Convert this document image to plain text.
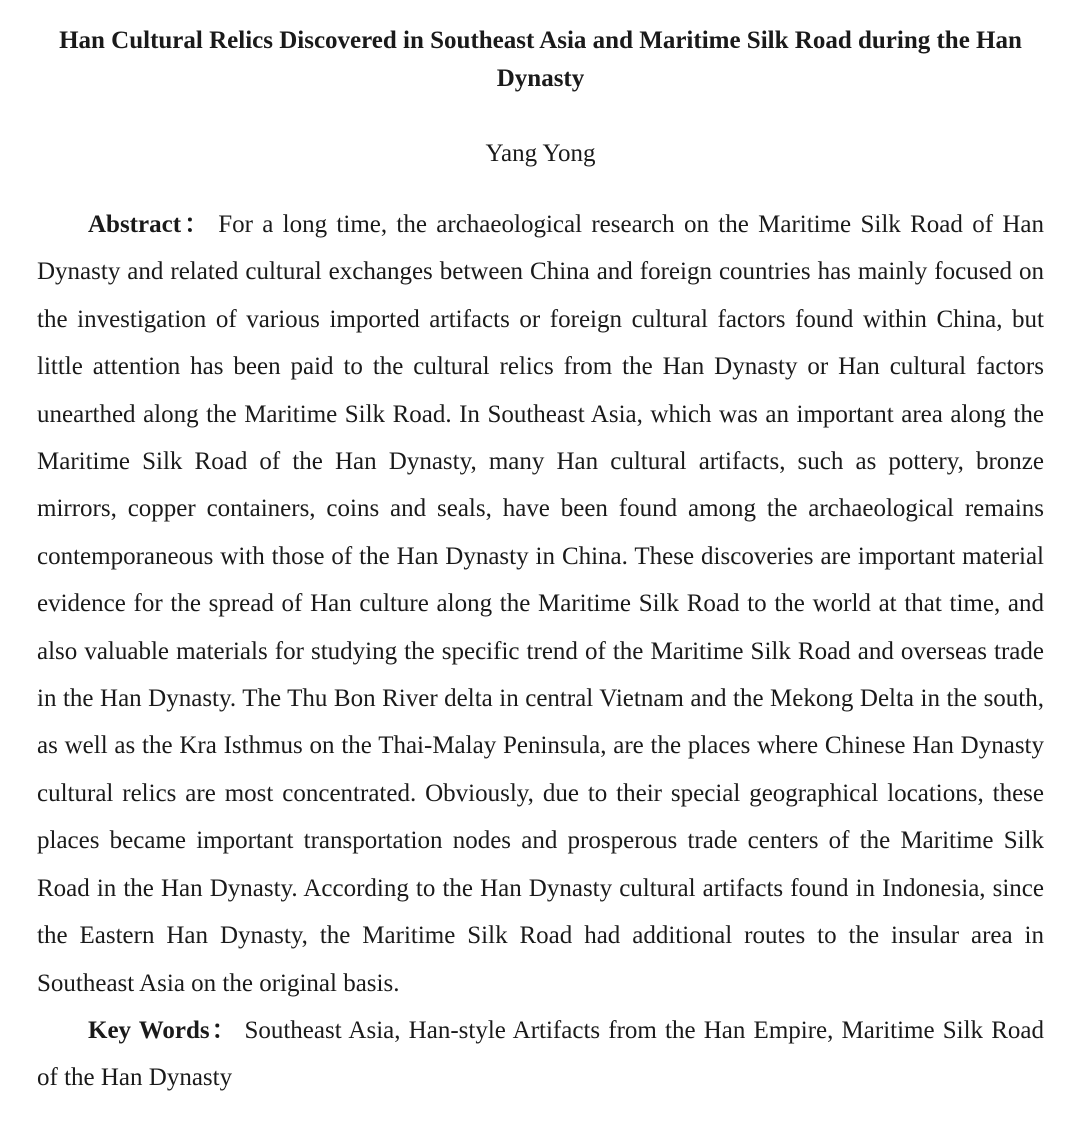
Han Cultural Relics Discovered in Southeast Asia and Maritime Silk Road during the Han Dynasty
Yang Yong

Abstract： For a long time, the archaeological research on the Maritime Silk Road of Han Dynasty and related cultural exchanges between China and foreign countries has mainly focused on the investigation of various imported artifacts or foreign cultural factors found within China, but little attention has been paid to the cultural relics from the Han Dynasty or Han cultural factors unearthed along the Maritime Silk Road. In Southeast Asia, which was an important area along the Maritime Silk Road of the Han Dynasty, many Han cultural artifacts, such as pottery, bronze mirrors, copper containers, coins and seals, have been found among the archaeological remains contemporaneous with those of the Han Dynasty in China. These discoveries are important material evidence for the spread of Han culture along the Maritime Silk Road to the world at that time, and also valuable materials for studying the specific trend of the Maritime Silk Road and overseas trade in the Han Dynasty. The Thu Bon River delta in central Vietnam and the Mekong Delta in the south, as well as the Kra Isthmus on the Thai-Malay Peninsula, are the places where Chinese Han Dynasty cultural relics are most concentrated. Obviously, due to their special geographical locations, these places became important transportation nodes and prosperous trade centers of the Maritime Silk Road in the Han Dynasty. According to the Han Dynasty cultural artifacts found in Indonesia, since the Eastern Han Dynasty, the Maritime Silk Road had additional routes to the insular area in Southeast Asia on the original basis.

Key Words： Southeast Asia, Han-style Artifacts from the Han Empire, Maritime Silk Road of the Han Dynasty
